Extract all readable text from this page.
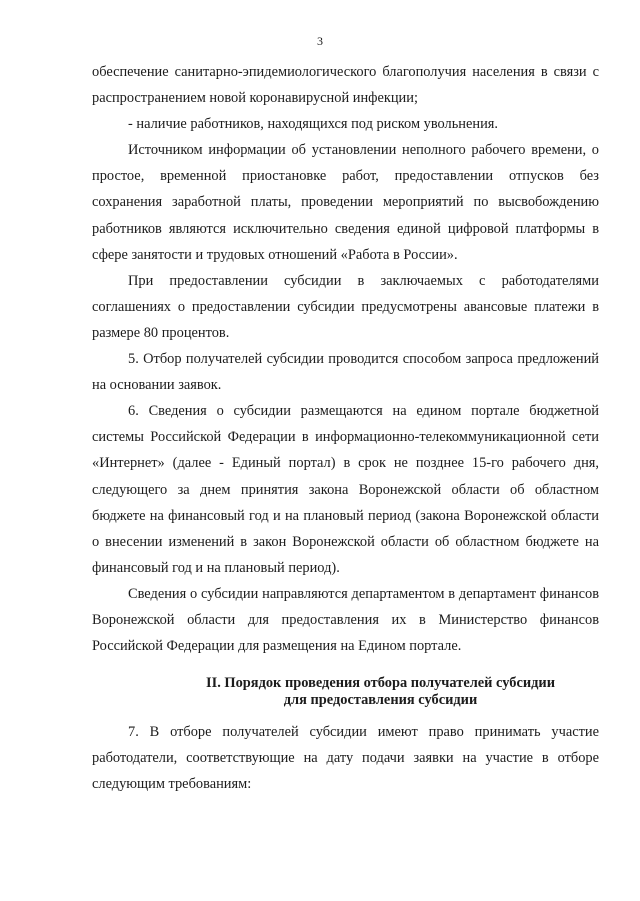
3

обеспечение санитарно-эпидемиологического благополучия населения в связи с распространением новой коронавирусной инфекции;

- наличие работников, находящихся под риском увольнения.

Источником информации об установлении неполного рабочего времени, о простое, временной приостановке работ, предоставлении отпусков без сохранения заработной платы, проведении мероприятий по высвобождению работников являются исключительно сведения единой цифровой платформы в сфере занятости и трудовых отношений «Работа в России».

При предоставлении субсидии в заключаемых с работодателями соглашениях о предоставлении субсидии предусмотрены авансовые платежи в размере 80 процентов.

5. Отбор получателей субсидии проводится способом запроса предложений на основании заявок.

6. Сведения о субсидии размещаются на едином портале бюджетной системы Российской Федерации в информационно-телекоммуникационной сети «Интернет» (далее - Единый портал) в срок не позднее 15-го рабочего дня, следующего за днем принятия закона Воронежской области об областном бюджете на финансовый год и на плановый период (закона Воронежской области о внесении изменений в закон Воронежской области об областном бюджете на финансовый год и на плановый период).

Сведения о субсидии направляются департаментом в департамент финансов Воронежской области для предоставления их в Министерство финансов Российской Федерации для размещения на Едином портале.

II. Порядок проведения отбора получателей субсидии
для предоставления субсидии

7. В отборе получателей субсидии имеют право принимать участие работодатели, соответствующие на дату подачи заявки на участие в отборе следующим требованиям:
